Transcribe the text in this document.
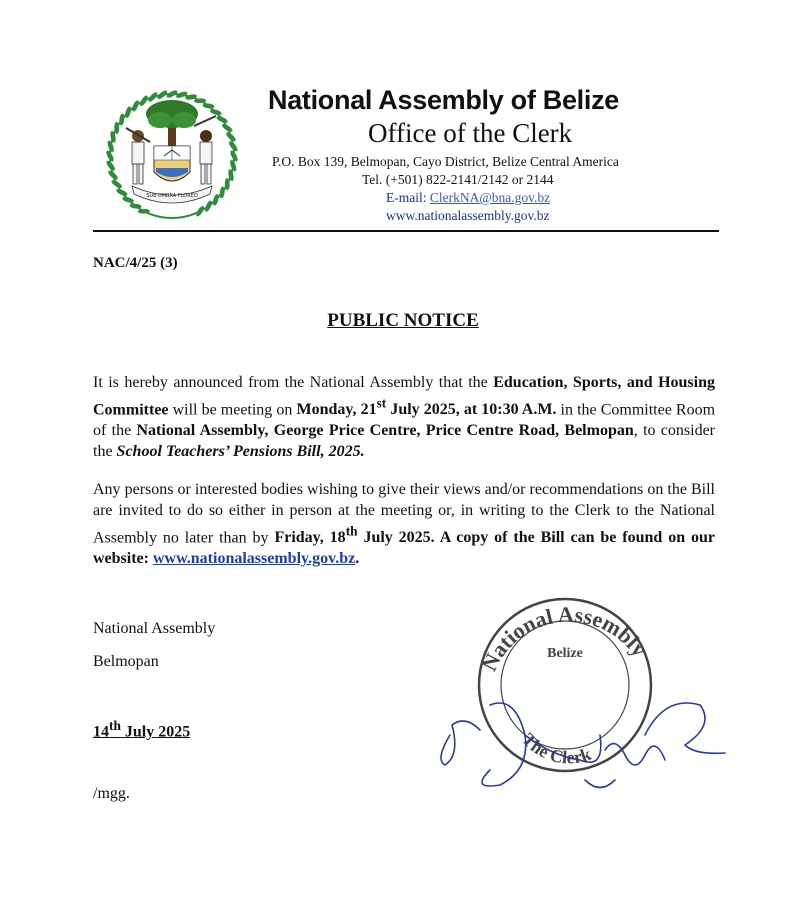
SUB UMBRA FLOREO
National Assembly of Belize
Office of the Clerk
P.O. Box 139, Belmopan, Cayo District, Belize Central America
Tel. (+501) 822-2141/2142 or 2144
E-mail: ClerkNA@bna.gov.bz
www.nationalassembly.gov.bz
NAC/4/25 (3)
PUBLIC NOTICE
It is hereby announced from the National Assembly that the Education, Sports, and Housing Committee will be meeting on Monday, 21st July 2025, at 10:30 A.M. in the Committee Room of the National Assembly, George Price Centre, Price Centre Road, Belmopan, to consider the School Teachers’ Pensions Bill, 2025.
Any persons or interested bodies wishing to give their views and/or recommendations on the Bill are invited to do so either in person at the meeting or, in writing to the Clerk to the National Assembly no later than by Friday, 18th July 2025. A copy of the Bill can be found on our website: www.nationalassembly.gov.bz.
National Assembly
Belmopan
14th July 2025
/mgg.
National Assembly
Belize
The Clerk
